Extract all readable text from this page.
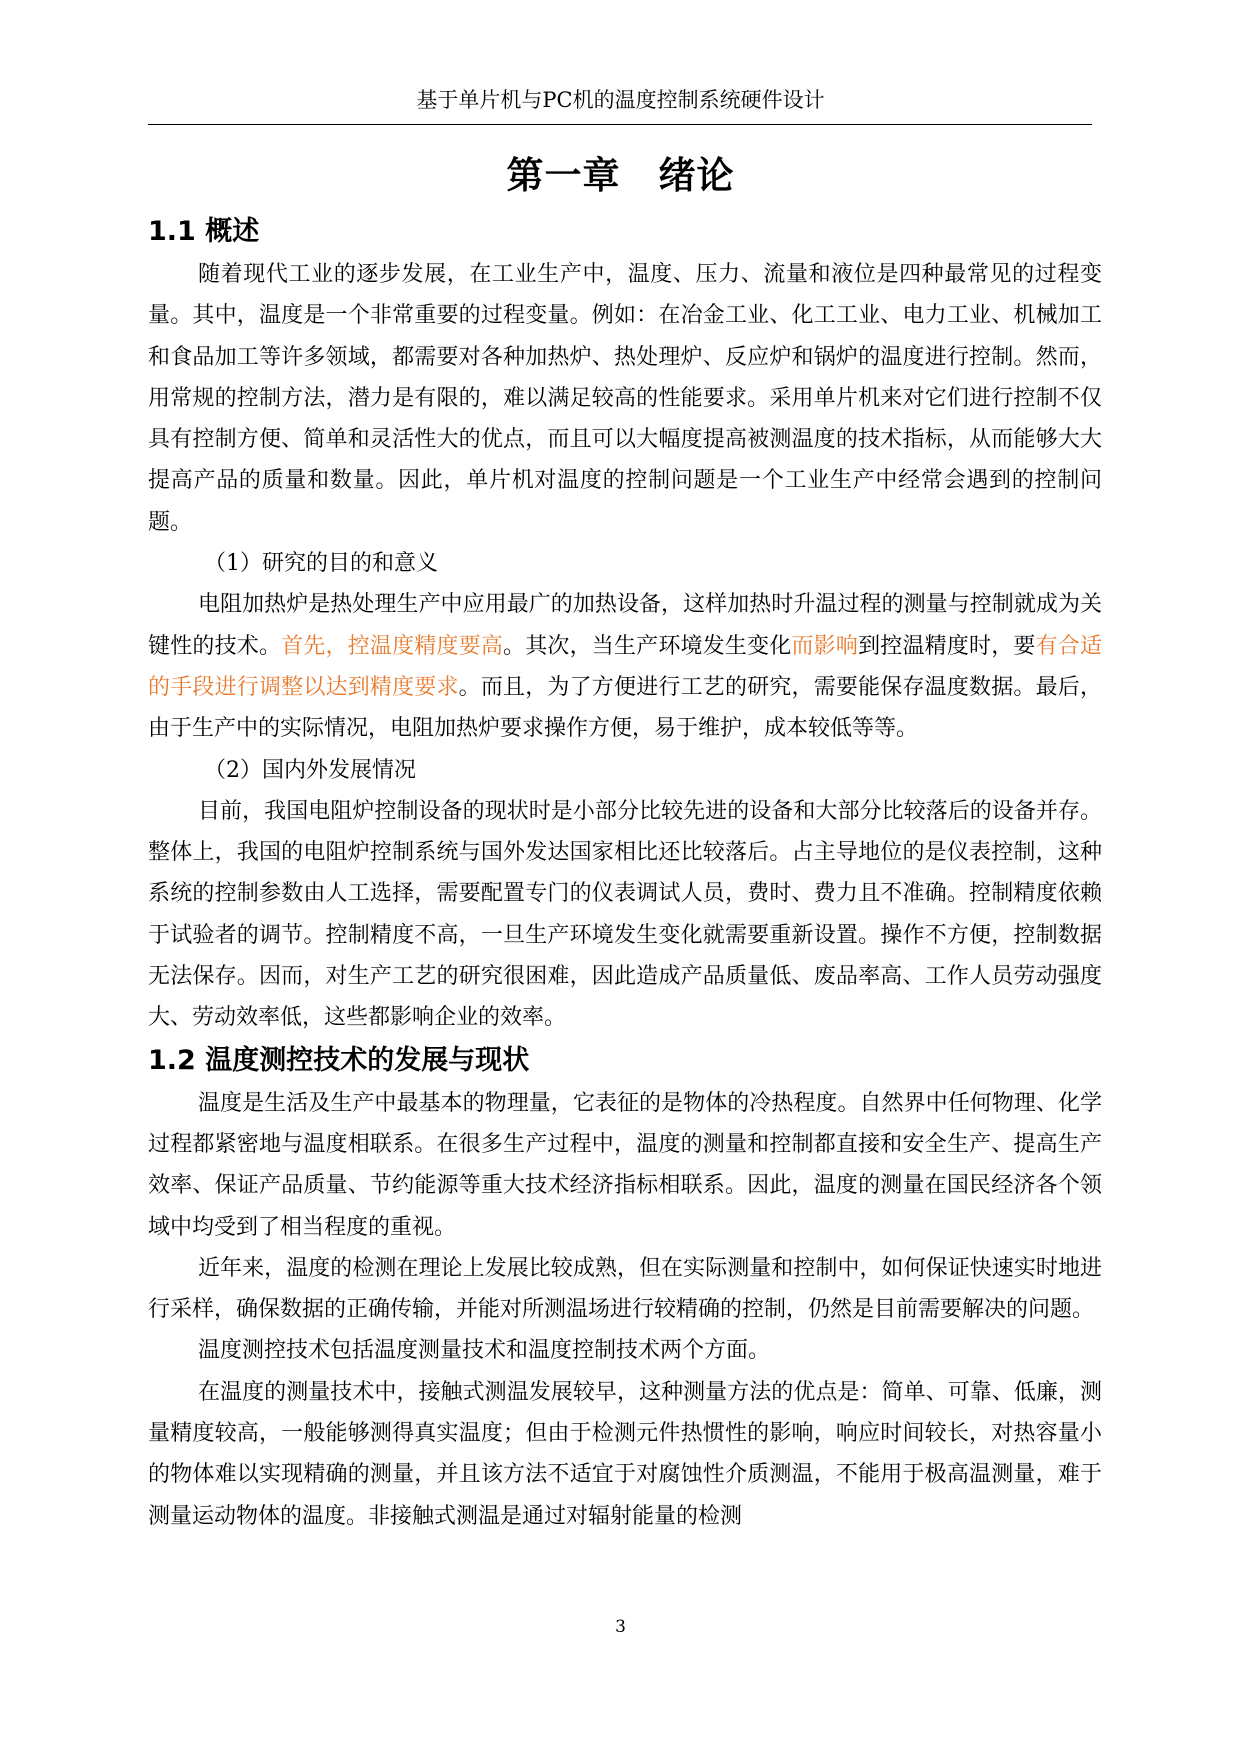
基于单片机与PC机的温度控制系统硬件设计
第一章　绪论
1.1 概述

随着现代工业的逐步发展，在工业生产中，温度、压力、流量和液位是四种最常见的过程变量。其中，温度是一个非常重要的过程变量。例如：在冶金工业、化工工业、电力工业、机械加工和食品加工等许多领域，都需要对各种加热炉、热处理炉、反应炉和锅炉的温度进行控制。然而，用常规的控制方法，潜力是有限的，难以满足较高的性能要求。采用单片机来对它们进行控制不仅具有控制方便、简单和灵活性大的优点，而且可以大幅度提高被测温度的技术指标，从而能够大大提高产品的质量和数量。因此，单片机对温度的控制问题是一个工业生产中经常会遇到的控制问题。

（1）研究的目的和意义

电阻加热炉是热处理生产中应用最广的加热设备，这样加热时升温过程的测量与控制就成为关键性的技术。首先，控温度精度要高。其次，当生产环境发生变化而影响到控温精度时，要有合适的手段进行调整以达到精度要求。而且，为了方便进行工艺的研究，需要能保存温度数据。最后，由于生产中的实际情况，电阻加热炉要求操作方便，易于维护，成本较低等等。

（2）国内外发展情况

目前，我国电阻炉控制设备的现状时是小部分比较先进的设备和大部分比较落后的设备并存。整体上，我国的电阻炉控制系统与国外发达国家相比还比较落后。占主导地位的是仪表控制，这种系统的控制参数由人工选择，需要配置专门的仪表调试人员，费时、费力且不准确。控制精度依赖于试验者的调节。控制精度不高，一旦生产环境发生变化就需要重新设置。操作不方便，控制数据无法保存。因而，对生产工艺的研究很困难，因此造成产品质量低、废品率高、工作人员劳动强度大、劳动效率低，这些都影响企业的效率。

1.2 温度测控技术的发展与现状

温度是生活及生产中最基本的物理量，它表征的是物体的冷热程度。自然界中任何物理、化学过程都紧密地与温度相联系。在很多生产过程中，温度的测量和控制都直接和安全生产、提高生产效率、保证产品质量、节约能源等重大技术经济指标相联系。因此，温度的测量在国民经济各个领域中均受到了相当程度的重视。

近年来，温度的检测在理论上发展比较成熟，但在实际测量和控制中，如何保证快速实时地进行采样，确保数据的正确传输，并能对所测温场进行较精确的控制，仍然是目前需要解决的问题。

温度测控技术包括温度测量技术和温度控制技术两个方面。

在温度的测量技术中，接触式测温发展较早，这种测量方法的优点是：简单、可靠、低廉，测量精度较高，一般能够测得真实温度；但由于检测元件热惯性的影响，响应时间较长，对热容量小的物体难以实现精确的测量，并且该方法不适宜于对腐蚀性介质测温，不能用于极高温测量，难于测量运动物体的温度。非接触式测温是通过对辐射能量的检测

3
